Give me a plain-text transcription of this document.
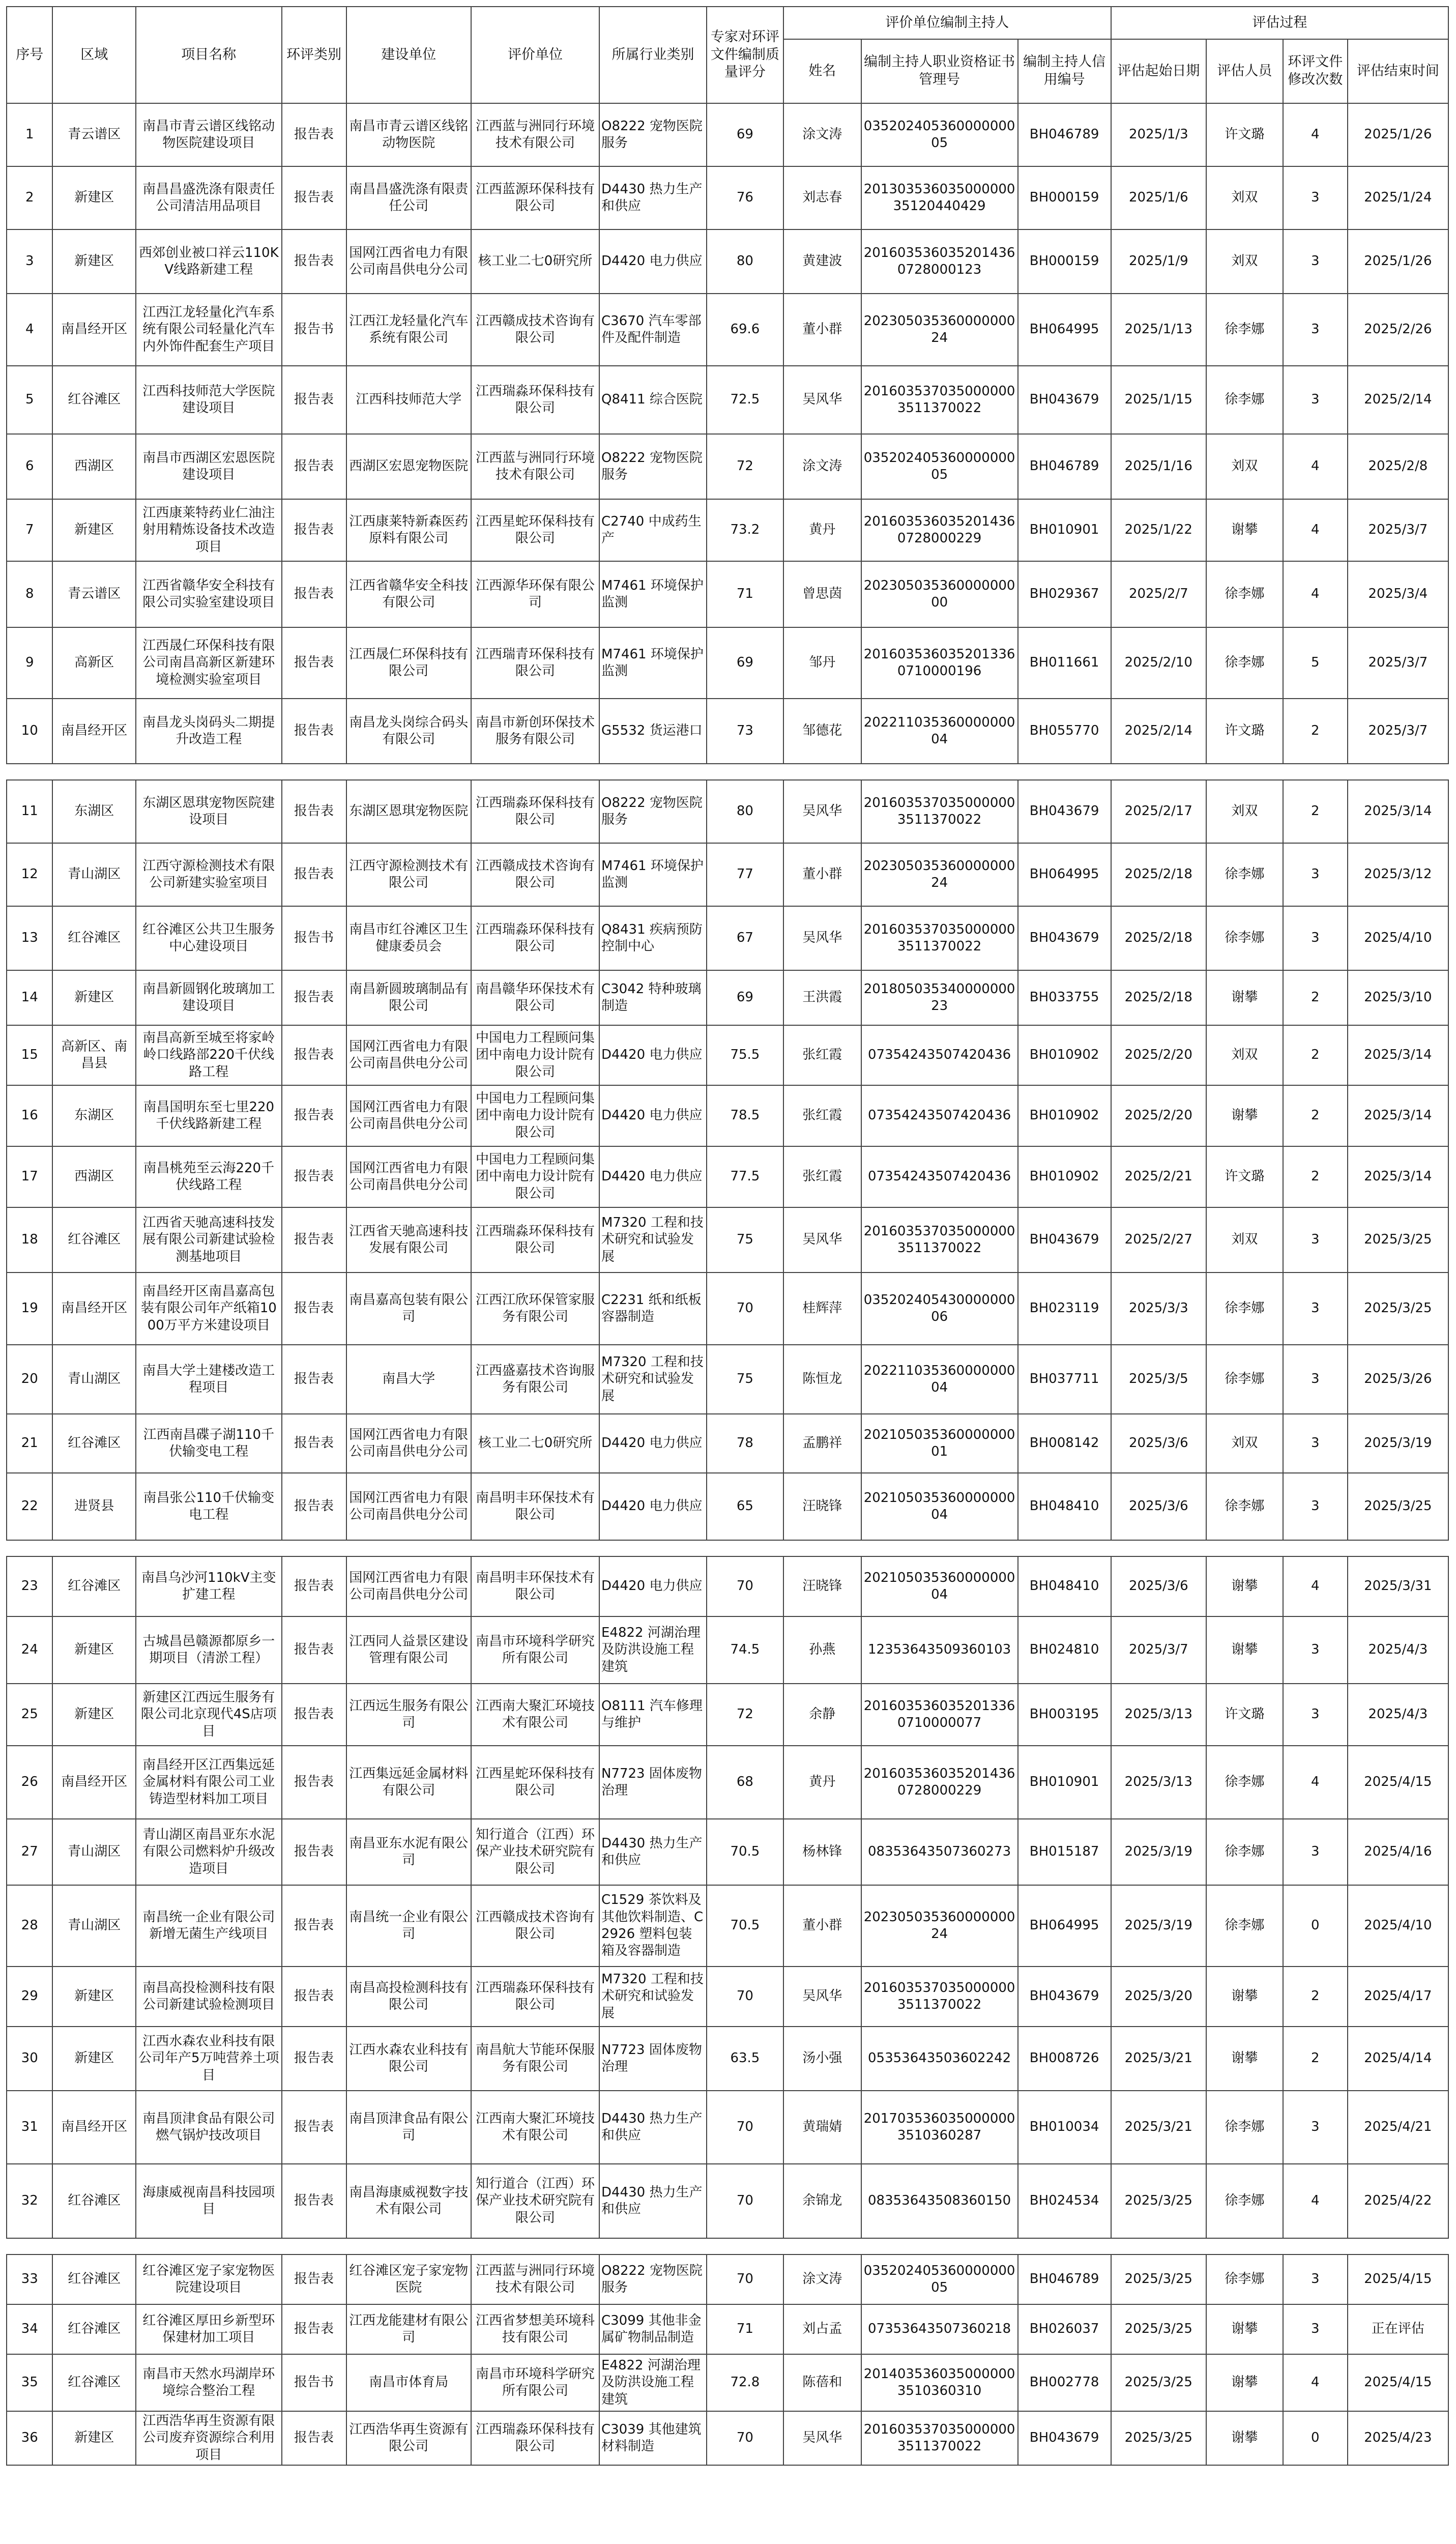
序号	区域	项目名称	环评类别	建设单位	评价单位	所属行业类别	专家对环评文件编制质量评分	评价单位编制主持人			评估过程			
								姓名	编制主持人职业资格证书管理号	编制主持人信用编号	评估起始日期	评估人员	环评文件修改次数	评估结束时间
1	青云谱区	南昌市青云谱区线铭动物医院建设项目	报告表	南昌市青云谱区线铭动物医院	江西蓝与洲同行环境技术有限公司	O8222 宠物医院服务	69	涂文涛	03520240536000000005	BH046789	2025/1/3	许文璐	4	2025/1/26
2	新建区	南昌昌盛洗涤有限责任公司清洁用品项目	报告表	南昌昌盛洗涤有限责任公司	江西蓝源环保科技有限公司	D4430 热力生产和供应	76	刘志春	20130353603500000035120440429	BH000159	2025/1/6	刘双	3	2025/1/24
3	新建区	西郊创业被口祥云110KV线路新建工程	报告表	国网江西省电力有限公司南昌供电分公司	核工业二七0研究所	D4420 电力供应	80	黄建波	2016035360352014360728000123	BH000159	2025/1/9	刘双	3	2025/1/26
4	南昌经开区	江西江龙轻量化汽车系统有限公司轻量化汽车内外饰件配套生产项目	报告书	江西江龙轻量化汽车系统有限公司	江西赣成技术咨询有限公司	C3670 汽车零部件及配件制造	69.6	董小群	20230503536000000024	BH064995	2025/1/13	徐李娜	3	2025/2/26
5	红谷滩区	江西科技师范大学医院建设项目	报告表	江西科技师范大学	江西瑞淼环保科技有限公司	Q8411 综合医院	72.5	吴风华	2016035370350000003511370022	BH043679	2025/1/15	徐李娜	3	2025/2/14
6	西湖区	南昌市西湖区宏恩医院建设项目	报告表	西湖区宏恩宠物医院	江西蓝与洲同行环境技术有限公司	O8222 宠物医院服务	72	涂文涛	03520240536000000005	BH046789	2025/1/16	刘双	4	2025/2/8
7	新建区	江西康莱特药业仁油注射用精炼设备技术改造项目	报告表	江西康莱特新森医药原料有限公司	江西星蛇环保科技有限公司	C2740 中成药生产	73.2	黄丹	2016035360352014360728000229	BH010901	2025/1/22	谢攀	4	2025/3/7
8	青云谱区	江西省赣华安全科技有限公司实验室建设项目	报告表	江西省赣华安全科技有限公司	江西源华环保有限公司	M7461 环境保护监测	71	曾思茵	20230503536000000000	BH029367	2025/2/7	徐李娜	4	2025/3/4
9	高新区	江西晟仁环保科技有限公司南昌高新区新建环境检测实验室项目	报告表	江西晟仁环保科技有限公司	江西瑞青环保科技有限公司	M7461 环境保护监测	69	邹丹	2016035360352013360710000196	BH011661	2025/2/10	徐李娜	5	2025/3/7
10	南昌经开区	南昌龙头岗码头二期提升改造工程	报告表	南昌龙头岗综合码头有限公司	南昌市新创环保技术服务有限公司	G5532 货运港口	73	邹德花	20221103536000000004	BH055770	2025/2/14	许文璐	2	2025/3/7

11	东湖区	东湖区恩琪宠物医院建设项目	报告表	东湖区恩琪宠物医院	江西瑞淼环保科技有限公司	O8222 宠物医院服务	80	吴风华	2016035370350000003511370022	BH043679	2025/2/17	刘双	2	2025/3/14
12	青山湖区	江西守源检测技术有限公司新建实验室项目	报告表	江西守源检测技术有限公司	江西赣成技术咨询有限公司	M7461 环境保护监测	77	董小群	20230503536000000024	BH064995	2025/2/18	徐李娜	3	2025/3/12
13	红谷滩区	红谷滩区公共卫生服务中心建设项目	报告书	南昌市红谷滩区卫生健康委员会	江西瑞淼环保科技有限公司	Q8431 疾病预防控制中心	67	吴风华	2016035370350000003511370022	BH043679	2025/2/18	徐李娜	3	2025/4/10
14	新建区	南昌新圆钢化玻璃加工建设项目	报告表	南昌新圆玻璃制品有限公司	南昌赣华环保技术有限公司	C3042 特种玻璃制造	69	王洪霞	20180503534000000023	BH033755	2025/2/18	谢攀	2	2025/3/10
15	高新区、南昌县	南昌高新至城至将家岭岭口线路部220千伏线路工程	报告表	国网江西省电力有限公司南昌供电分公司	中国电力工程顾问集团中南电力设计院有限公司	D4420 电力供应	75.5	张红霞	07354243507420436	BH010902	2025/2/20	刘双	2	2025/3/14
16	东湖区	南昌国明东至七里220千伏线路新建工程	报告表	国网江西省电力有限公司南昌供电分公司	中国电力工程顾问集团中南电力设计院有限公司	D4420 电力供应	78.5	张红霞	07354243507420436	BH010902	2025/2/20	谢攀	2	2025/3/14
17	西湖区	南昌桃苑至云海220千伏线路工程	报告表	国网江西省电力有限公司南昌供电分公司	中国电力工程顾问集团中南电力设计院有限公司	D4420 电力供应	77.5	张红霞	07354243507420436	BH010902	2025/2/21	许文璐	2	2025/3/14
18	红谷滩区	江西省天驰高速科技发展有限公司新建试验检测基地项目	报告表	江西省天驰高速科技发展有限公司	江西瑞淼环保科技有限公司	M7320 工程和技术研究和试验发展	75	吴风华	2016035370350000003511370022	BH043679	2025/2/27	刘双	3	2025/3/25
19	南昌经开区	南昌经开区南昌嘉高包装有限公司年产纸箱1000万平方米建设项目	报告表	南昌嘉高包装有限公司	江西江欣环保管家服务有限公司	C2231 纸和纸板容器制造	70	桂辉萍	03520240543000000006	BH023119	2025/3/3	徐李娜	3	2025/3/25
20	青山湖区	南昌大学土建楼改造工程项目	报告表	南昌大学	江西盛嘉技术咨询服务有限公司	M7320 工程和技术研究和试验发展	75	陈恒龙	20221103536000000004	BH037711	2025/3/5	徐李娜	3	2025/3/26
21	红谷滩区	江西南昌碟子湖110千伏输变电工程	报告表	国网江西省电力有限公司南昌供电分公司	核工业二七0研究所	D4420 电力供应	78	孟鹏祥	20210503536000000001	BH008142	2025/3/6	刘双	3	2025/3/19
22	进贤县	南昌张公110千伏输变电工程	报告表	国网江西省电力有限公司南昌供电分公司	南昌明丰环保技术有限公司	D4420 电力供应	65	汪晓锋	20210503536000000004	BH048410	2025/3/6	徐李娜	3	2025/3/25

23	红谷滩区	南昌乌沙河110kV主变扩建工程	报告表	国网江西省电力有限公司南昌供电分公司	南昌明丰环保技术有限公司	D4420 电力供应	70	汪晓锋	20210503536000000004	BH048410	2025/3/6	谢攀	4	2025/3/31
24	新建区	古城昌邑赣源都原乡一期项目（清淤工程）	报告表	江西同人益景区建设管理有限公司	南昌市环境科学研究所有限公司	E4822 河湖治理及防洪设施工程建筑	74.5	孙燕	12353643509360103	BH024810	2025/3/7	谢攀	3	2025/4/3
25	新建区	新建区江西远生服务有限公司北京现代4S店项目	报告表	江西远生服务有限公司	江西南大聚汇环境技术有限公司	O8111 汽车修理与维护	72	余静	2016035360352013360710000077	BH003195	2025/3/13	许文璐	3	2025/4/3
26	南昌经开区	南昌经开区江西集远延金属材料有限公司工业铸造型材料加工项目	报告表	江西集远延金属材料有限公司	江西星蛇环保科技有限公司	N7723 固体废物治理	68	黄丹	2016035360352014360728000229	BH010901	2025/3/13	徐李娜	4	2025/4/15
27	青山湖区	青山湖区南昌亚东水泥有限公司燃料炉升级改造项目	报告表	南昌亚东水泥有限公司	知行道合（江西）环保产业技术研究院有限公司	D4430 热力生产和供应	70.5	杨林锋	08353643507360273	BH015187	2025/3/19	徐李娜	3	2025/4/16
28	青山湖区	南昌统一企业有限公司新增无菌生产线项目	报告表	南昌统一企业有限公司	江西赣成技术咨询有限公司	C1529 茶饮料及其他饮料制造、C2926 塑料包装箱及容器制造	70.5	董小群	20230503536000000024	BH064995	2025/3/19	徐李娜	0	2025/4/10
29	新建区	南昌高投检测科技有限公司新建试验检测项目	报告表	南昌高投检测科技有限公司	江西瑞淼环保科技有限公司	M7320 工程和技术研究和试验发展	70	吴风华	2016035370350000003511370022	BH043679	2025/3/20	谢攀	2	2025/4/17
30	新建区	江西水森农业科技有限公司年产5万吨营养土项目	报告表	江西水森农业科技有限公司	南昌航大节能环保服务有限公司	N7723 固体废物治理	63.5	汤小强	05353643503602242	BH008726	2025/3/21	谢攀	2	2025/4/14
31	南昌经开区	南昌顶津食品有限公司燃气锅炉技改项目	报告表	南昌顶津食品有限公司	江西南大聚汇环境技术有限公司	D4430 热力生产和供应	70	黄瑞婧	2017035360350000003510360287	BH010034	2025/3/21	徐李娜	3	2025/4/21
32	红谷滩区	海康威视南昌科技园项目	报告表	南昌海康威视数字技术有限公司	知行道合（江西）环保产业技术研究院有限公司	D4430 热力生产和供应	70	余锦龙	08353643508360150	BH024534	2025/3/25	徐李娜	4	2025/4/22

33	红谷滩区	红谷滩区宠子家宠物医院建设项目	报告表	红谷滩区宠子家宠物医院	江西蓝与洲同行环境技术有限公司	O8222 宠物医院服务	70	涂文涛	03520240536000000005	BH046789	2025/3/25	徐李娜	3	2025/4/15
34	红谷滩区	红谷滩区厚田乡新型环保建材加工项目	报告表	江西龙能建材有限公司	江西省梦想美环境科技有限公司	C3099 其他非金属矿物制品制造	71	刘占孟	07353643507360218	BH026037	2025/3/25	谢攀	3	正在评估
35	红谷滩区	南昌市天然水玛湖岸环境综合整治工程	报告书	南昌市体育局	南昌市环境科学研究所有限公司	E4822 河湖治理及防洪设施工程建筑	72.8	陈蓓和	2014035360350000003510360310	BH002778	2025/3/25	谢攀	4	2025/4/15
36	新建区	江西浩华再生资源有限公司废弃资源综合利用项目	报告表	江西浩华再生资源有限公司	江西瑞淼环保科技有限公司	C3039 其他建筑材料制造	70	吴风华	2016035370350000003511370022	BH043679	2025/3/25	谢攀	0	2025/4/23
